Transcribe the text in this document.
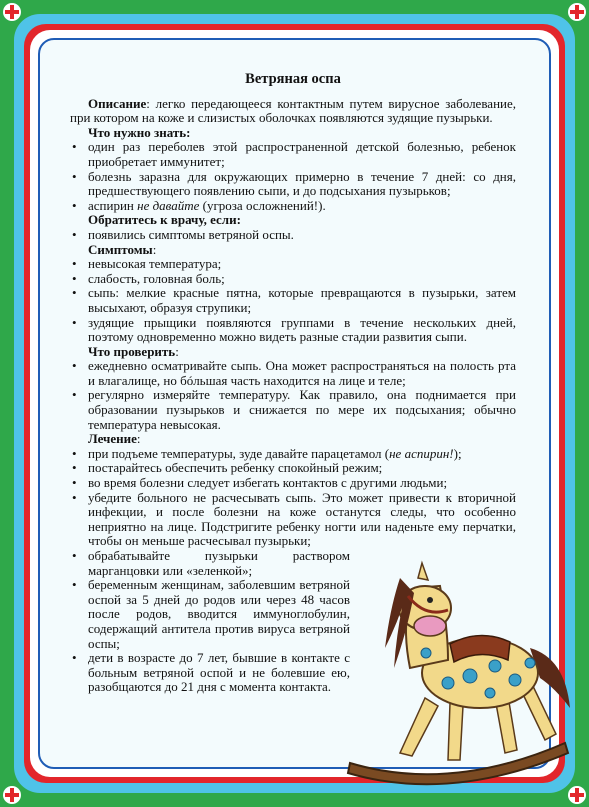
Ветряная оспа
Описание: легко передающееся контактным путем вирусное заболевание, при котором на коже и слизистых оболочках появляются зудящие пузырьки.
Что нужно знать:
• один раз переболев этой распространенной детской болезнью, ребенок приобретает иммунитет;
• болезнь заразна для окружающих примерно в течение 7 дней: со дня, предшествующего появлению сыпи, и до подсыхания пузырьков;
• аспирин не давайте (угроза осложнений!).
Обратитесь к врачу, если:
• появились симптомы ветряной оспы.
Симптомы:
• невысокая температура;
• слабость, головная боль;
• сыпь: мелкие красные пятна, которые превращаются в пузырьки, затем высыхают, образуя струпики;
• зудящие прыщики появляются группами в течение нескольких дней, поэтому одновременно можно видеть разные стадии развития сыпи.
Что проверить:
• ежедневно осматривайте сыпь. Она может распространяться на полость рта и влагалище, но бóльшая часть находится на лице и теле;
• регулярно измеряйте температуру. Как правило, она поднимается при образовании пузырьков и снижается по мере их подсыхания; обычно температура невысокая.
Лечение:
• при подъеме температуры, зуде давайте парацетамол (не аспирин!);
• постарайтесь обеспечить ребенку спокойный режим;
• во время болезни следует избегать контактов с другими людьми;
• убедите больного не расчесывать сыпь. Это может привести к вторичной инфекции, и после болезни на коже останутся следы, что особенно неприятно на лице. Подстригите ребенку ногти или наденьте ему перчатки, чтобы он меньше расчесывал пузырьки;
• обрабатывайте пузырьки раствором марганцовки или «зеленкой»;
• беременным женщинам, заболевшим ветряной оспой за 5 дней до родов или через 48 часов после родов, вводится иммуноглобулин, содержащий антитела против вируса ветряной оспы;
• дети в возрасте до 7 лет, бывшие в контакте с больным ветряной оспой и не болевшие ею, разобщаются до 21 дня с момента контакта.
